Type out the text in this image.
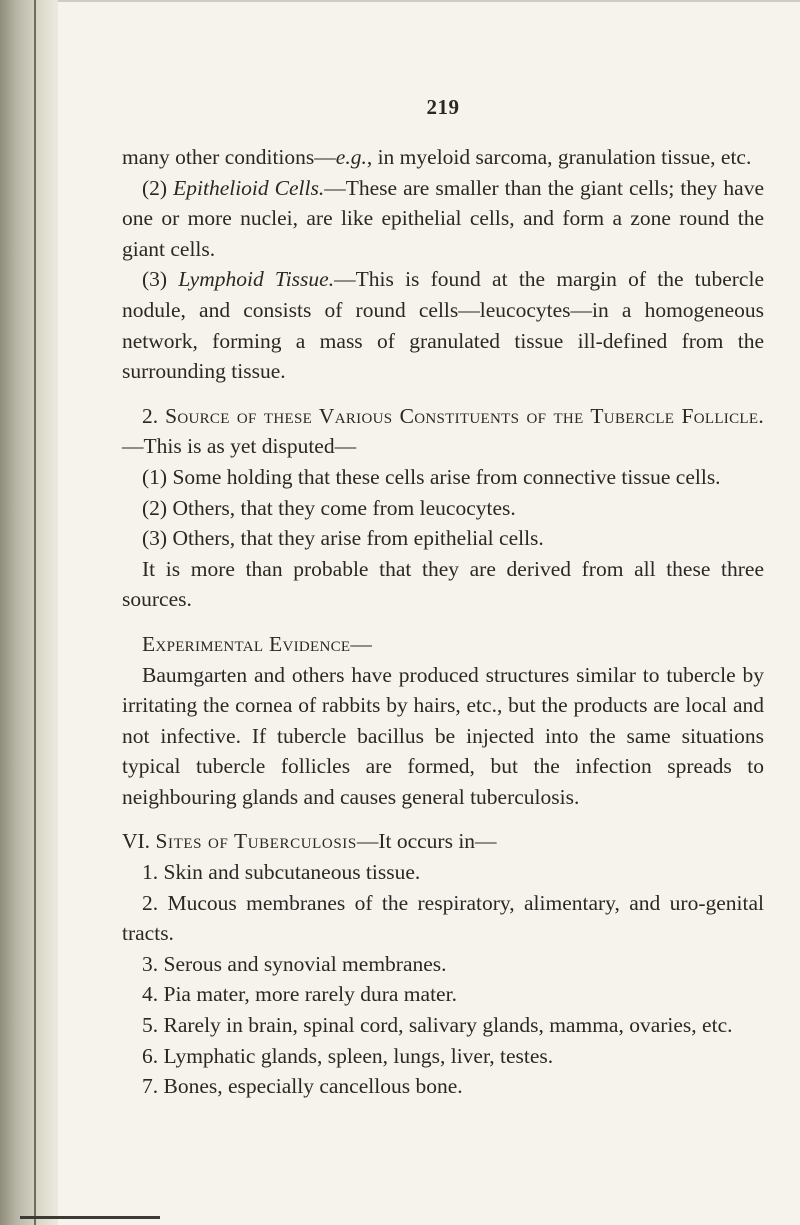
219

many other conditions—e.g., in myeloid sarcoma, granulation tissue, etc.

(2) Epithelioid Cells.—These are smaller than the giant cells; they have one or more nuclei, are like epithelial cells, and form a zone round the giant cells.

(3) Lymphoid Tissue.—This is found at the margin of the tubercle nodule, and consists of round cells—leucocytes—in a homogeneous network, forming a mass of granulated tissue ill-defined from the surrounding tissue.

2. Source of these Various Constituents of the Tubercle Follicle.—This is as yet disputed—

(1) Some holding that these cells arise from connective tissue cells.

(2) Others, that they come from leucocytes.

(3) Others, that they arise from epithelial cells.

It is more than probable that they are derived from all these three sources.

Experimental Evidence—

Baumgarten and others have produced structures similar to tubercle by irritating the cornea of rabbits by hairs, etc., but the products are local and not infective. If tubercle bacillus be injected into the same situations typical tubercle follicles are formed, but the infection spreads to neighbouring glands and causes general tuberculosis.

VI. Sites of Tuberculosis—It occurs in—

1. Skin and subcutaneous tissue.

2. Mucous membranes of the respiratory, alimentary, and uro-genital tracts.

3. Serous and synovial membranes.

4. Pia mater, more rarely dura mater.

5. Rarely in brain, spinal cord, salivary glands, mamma, ovaries, etc.

6. Lymphatic glands, spleen, lungs, liver, testes.

7. Bones, especially cancellous bone.
